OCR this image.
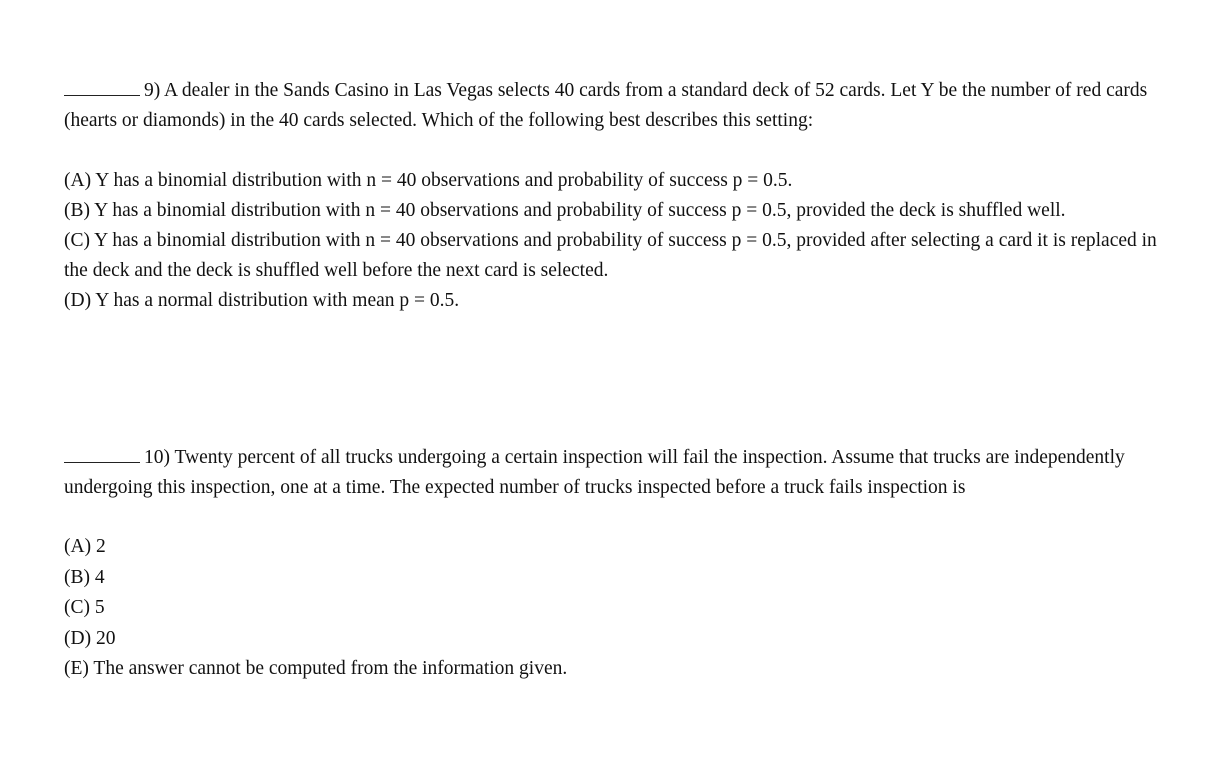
9) A dealer in the Sands Casino in Las Vegas selects 40 cards from a standard deck of 52 cards. Let Y be the number of red cards (hearts or diamonds) in the 40 cards selected. Which of the following best describes this setting:

(A) Y has a binomial distribution with n = 40 observations and probability of success p = 0.5.
(B) Y has a binomial distribution with n = 40 observations and probability of success p = 0.5, provided the deck is shuffled well.
(C) Y has a binomial distribution with n = 40 observations and probability of success p = 0.5, provided after selecting a card it is replaced in the deck and the deck is shuffled well before the next card is selected.
(D) Y has a normal distribution with mean p = 0.5.

10) Twenty percent of all trucks undergoing a certain inspection will fail the inspection. Assume that trucks are independently undergoing this inspection, one at a time. The expected number of trucks inspected before a truck fails inspection is

(A) 2
(B) 4
(C) 5
(D) 20
(E) The answer cannot be computed from the information given.
